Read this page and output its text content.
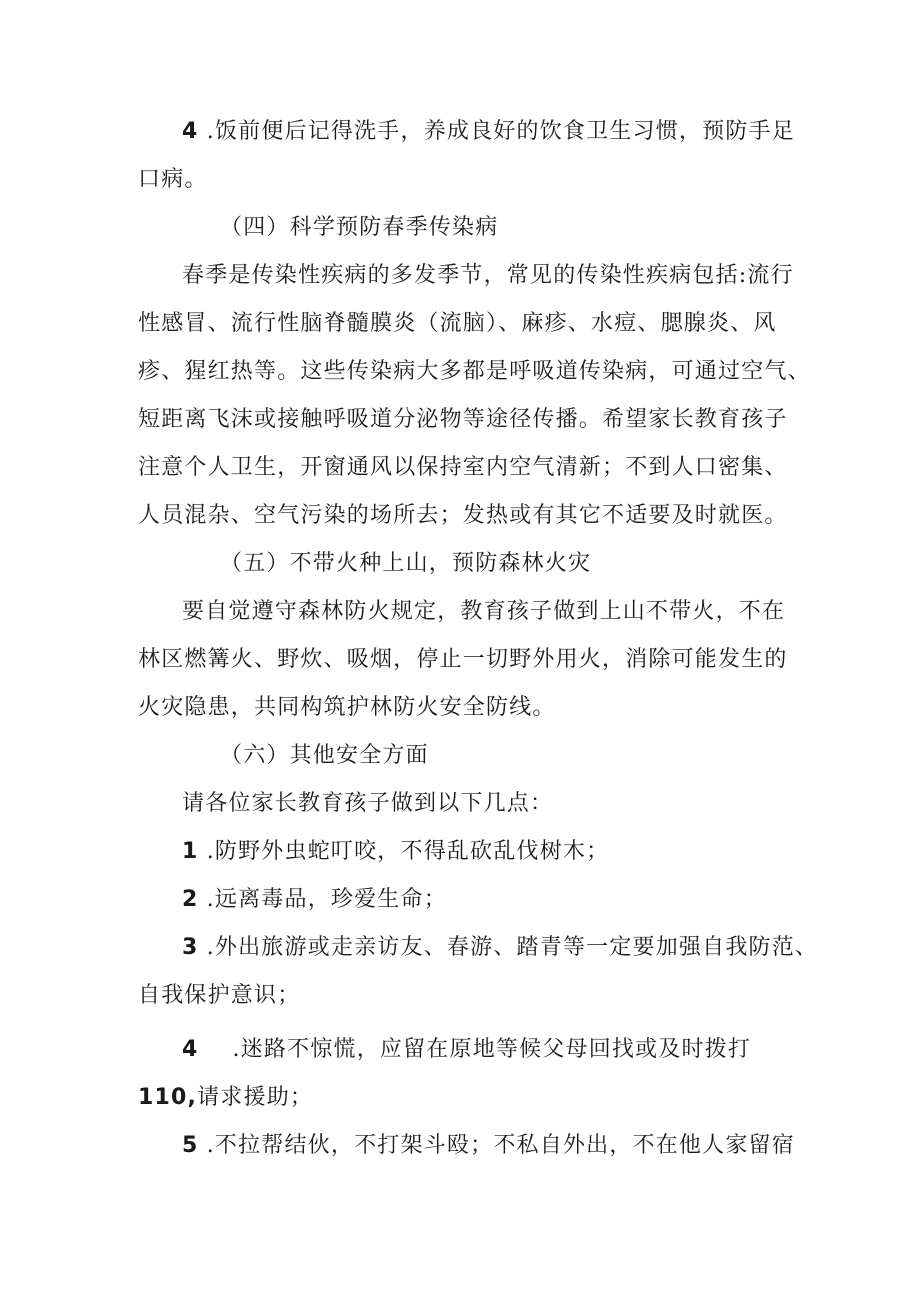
4 .饭前便后记得洗手，养成良好的饮食卫生习惯，预防手足
口病。
（四）科学预防春季传染病
春季是传染性疾病的多发季节，常见的传染性疾病包括:流行
性感冒、流行性脑脊髓膜炎（流脑）、麻疹、水痘、腮腺炎、风
疹、猩红热等。这些传染病大多都是呼吸道传染病，可通过空气、
短距离飞沫或接触呼吸道分泌物等途径传播。希望家长教育孩子
注意个人卫生，开窗通风以保持室内空气清新；不到人口密集、
人员混杂、空气污染的场所去；发热或有其它不适要及时就医。
（五）不带火种上山，预防森林火灾
要自觉遵守森林防火规定，教育孩子做到上山不带火，不在
林区燃篝火、野炊、吸烟，停止一切野外用火，消除可能发生的
火灾隐患，共同构筑护林防火安全防线。
（六）其他安全方面
请各位家长教育孩子做到以下几点：
1 .防野外虫蛇叮咬，不得乱砍乱伐树木；
2 .远离毒品，珍爱生命；
3 .外出旅游或走亲访友、春游、踏青等一定要加强自我防范、
自我保护意识；
4 .迷路不惊慌，应留在原地等候父母回找或及时拨打
110,请求援助；
5 .不拉帮结伙，不打架斗殴；不私自外出，不在他人家留宿
